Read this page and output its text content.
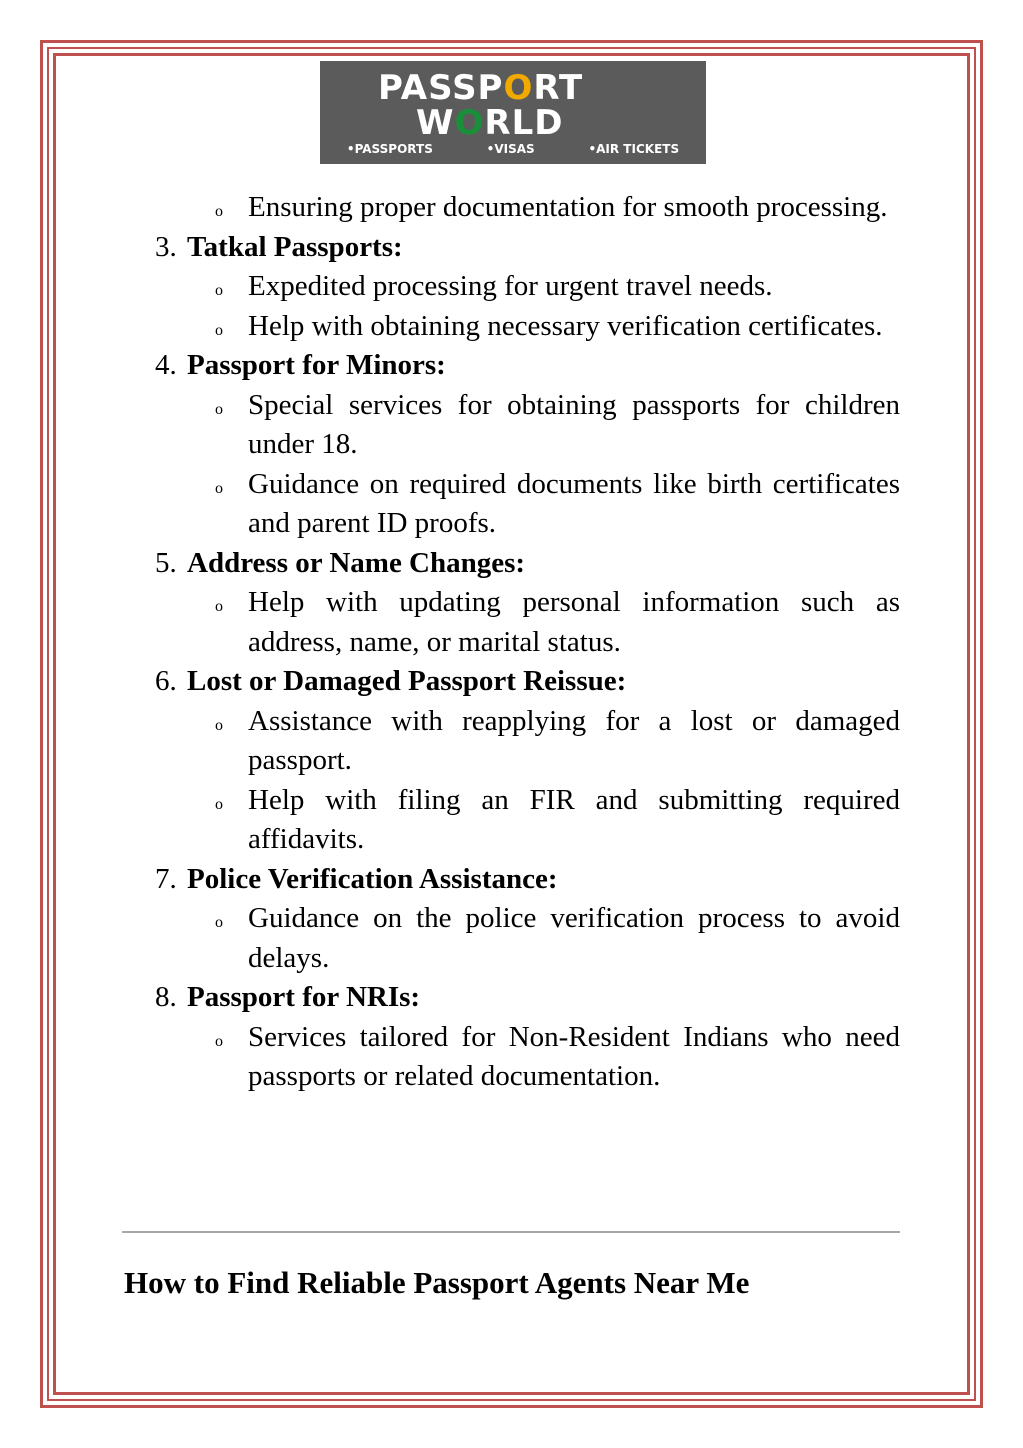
PASSPORT
WORLD
• PASSPORTS	• VISAS	• AIR TICKETS
o Ensuring proper documentation for smooth processing.
3. Tatkal Passports:
o Expedited processing for urgent travel needs.
o Help with obtaining necessary verification certificates.
4. Passport for Minors:
o Special services for obtaining passports for children under 18.
o Guidance on required documents like birth certificates and parent ID proofs.
5. Address or Name Changes:
o Help with updating personal information such as address, name, or marital status.
6. Lost or Damaged Passport Reissue:
o Assistance with reapplying for a lost or damaged passport.
o Help with filing an FIR and submitting required affidavits.
7. Police Verification Assistance:
o Guidance on the police verification process to avoid delays.
8. Passport for NRIs:
o Services tailored for Non-Resident Indians who need passports or related documentation.
How to Find Reliable Passport Agents Near Me
